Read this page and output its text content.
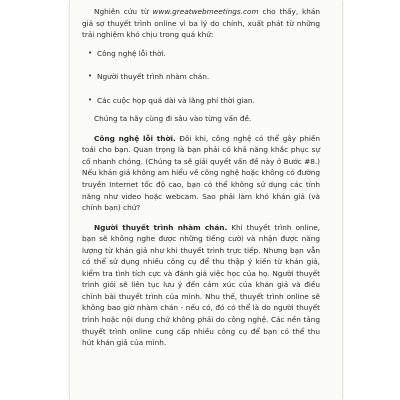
Nghiên cứu từ www.greatwebmeetings.com cho thấy, khán giả sợ thuyết trình online vì ba lý do chính, xuất phát từ những trải nghiệm khó chịu trong quá khứ:

• Công nghệ lỗi thời.
• Người thuyết trình nhàm chán.
• Các cuộc họp quá dài và lãng phí thời gian.

Chúng ta hãy cùng đi sâu vào từng vấn đề.

Công nghệ lỗi thời. Đôi khi, công nghệ có thể gây phiền toái cho bạn. Quan trọng là bạn phải có khả năng khắc phục sự cố nhanh chóng. (Chúng ta sẽ giải quyết vấn đề này ở Bước #8.) Nếu khán giả không am hiểu về công nghệ hoặc không có đường truyền Internet tốc độ cao, bạn có thể không sử dụng các tính năng như video hoặc webcam. Sao phải làm khó khán giả (và chính bạn) chứ?

Người thuyết trình nhàm chán. Khi thuyết trình online, bạn sẽ không nghe được những tiếng cười và nhận được năng lượng từ khán giả như khi thuyết trình trực tiếp. Nhưng bạn vẫn có thể sử dụng nhiều công cụ để thu thập ý kiến từ khán giả, kiểm tra tình tích cực và đánh giá việc học của họ. Người thuyết trình giỏi sẽ liên tục lưu ý đến cảm xúc của khán giả và điều chỉnh bài thuyết trình của mình. Nhu thế, thuyết trình online sẽ không bao giờ nhàm chán - nếu có, đó có thể là do người thuyết trình hoặc nội dung chứ không phải do công nghệ. Các nền tảng thuyết trình online cung cấp nhiều công cụ để bạn có thể thu hút khán giả của mình.
